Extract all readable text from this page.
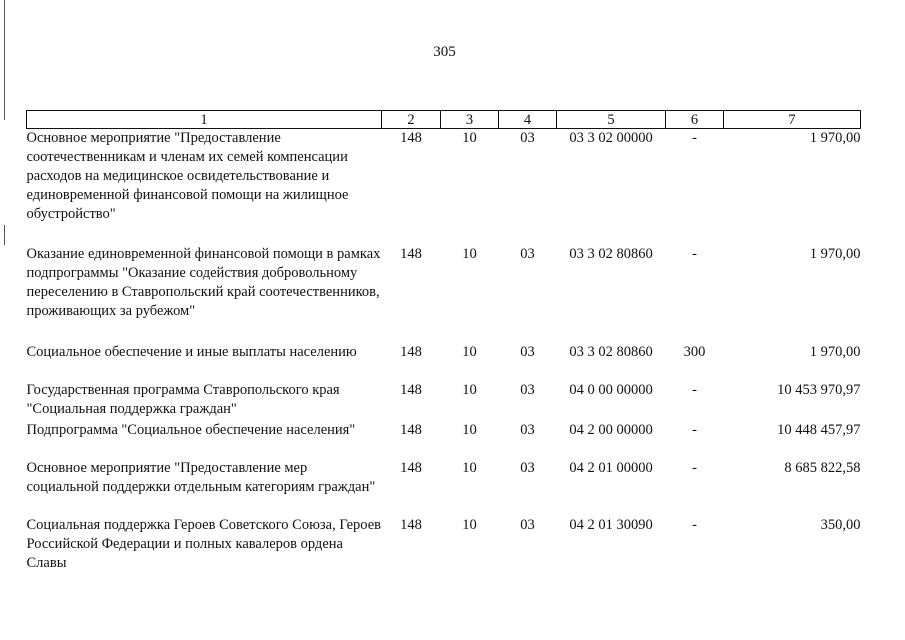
305
1	2	3	4	5	6	7
Основное мероприятие "Предоставление соотечественникам и членам их семей компенсации расходов на медицинское освидетельствование и единовременной финансовой помощи на жилищное обустройство"	148	10	03	03 3 02 00000	-	1 970,00
Оказание единовременной финансовой помощи в рамках подпрограммы "Оказание содействия добровольному переселению в Ставропольский край соотечественников, проживающих за рубежом"	148	10	03	03 3 02 80860	-	1 970,00
Социальное обеспечение и иные выплаты населению	148	10	03	03 3 02 80860	300	1 970,00
Государственная программа Ставропольского края "Социальная поддержка граждан"	148	10	03	04 0 00 00000	-	10 453 970,97
Подпрограмма "Социальное обеспечение населения"	148	10	03	04 2 00 00000	-	10 448 457,97
Основное мероприятие "Предоставление мер социальной поддержки отдельным категориям граждан"	148	10	03	04 2 01 00000	-	8 685 822,58
Социальная поддержка Героев Советского Союза, Героев Российской Федерации и полных кавалеров ордена Славы	148	10	03	04 2 01 30090	-	350,00
